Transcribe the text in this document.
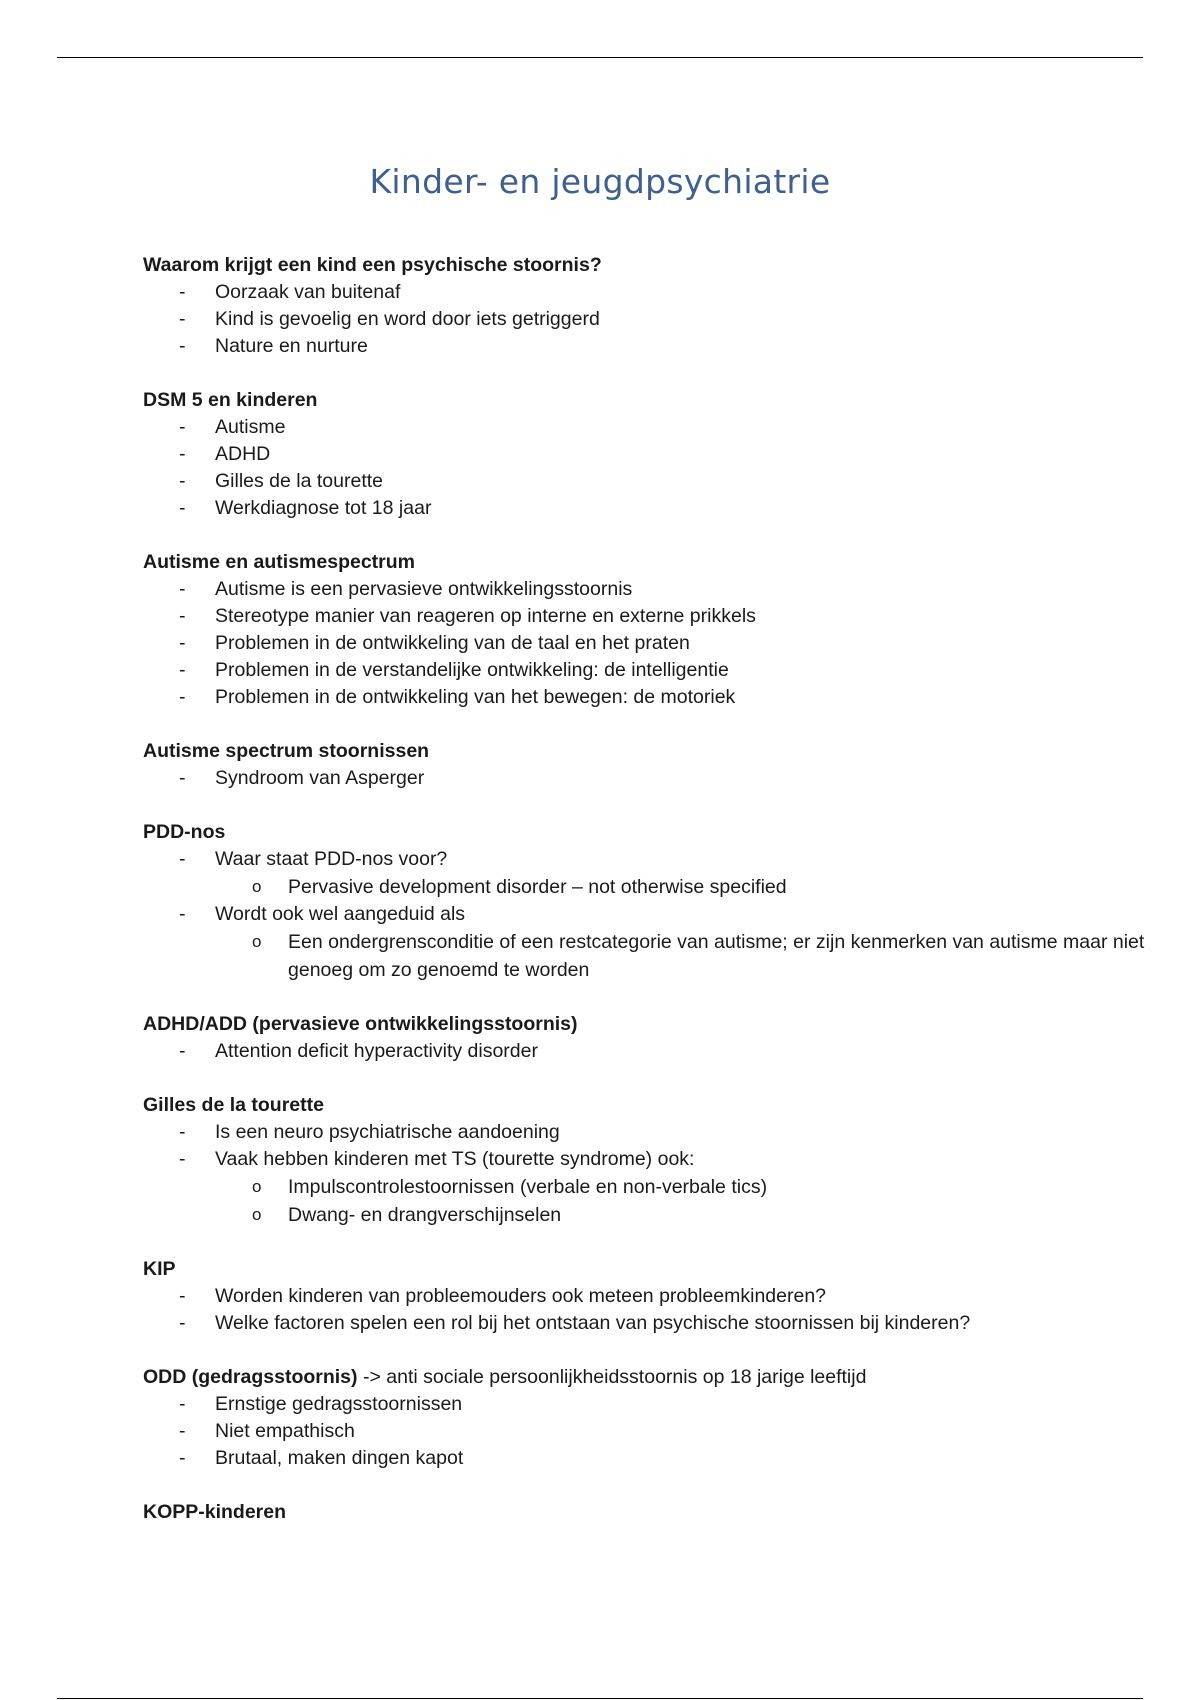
Kinder- en jeugdpsychiatrie
Waarom krijgt een kind een psychische stoornis?
- Oorzaak van buitenaf
- Kind is gevoelig en word door iets getriggerd
- Nature en nurture
DSM 5 en kinderen
- Autisme
- ADHD
- Gilles de la tourette
- Werkdiagnose tot 18 jaar
Autisme en autismespectrum
- Autisme is een pervasieve ontwikkelingsstoornis
- Stereotype manier van reageren op interne en externe prikkels
- Problemen in de ontwikkeling van de taal en het praten
- Problemen in de verstandelijke ontwikkeling: de intelligentie
- Problemen in de ontwikkeling van het bewegen: de motoriek
Autisme spectrum stoornissen
- Syndroom van Asperger
PDD-nos
- Waar staat PDD-nos voor?
o Pervasive development disorder – not otherwise specified
- Wordt ook wel aangeduid als
o Een ondergrensconditie of een restcategorie van autisme; er zijn kenmerken van autisme maar niet genoeg om zo genoemd te worden
ADHD/ADD (pervasieve ontwikkelingsstoornis)
- Attention deficit hyperactivity disorder
Gilles de la tourette
- Is een neuro psychiatrische aandoening
- Vaak hebben kinderen met TS (tourette syndrome) ook:
o Impulscontrolestoornissen (verbale en non-verbale tics)
o Dwang- en drangverschijnselen
KIP
- Worden kinderen van probleemouders ook meteen probleemkinderen?
- Welke factoren spelen een rol bij het ontstaan van psychische stoornissen bij kinderen?
ODD (gedragsstoornis) -> anti sociale persoonlijkheidsstoornis op 18 jarige leeftijd
- Ernstige gedragsstoornissen
- Niet empathisch
- Brutaal, maken dingen kapot
KOPP-kinderen
